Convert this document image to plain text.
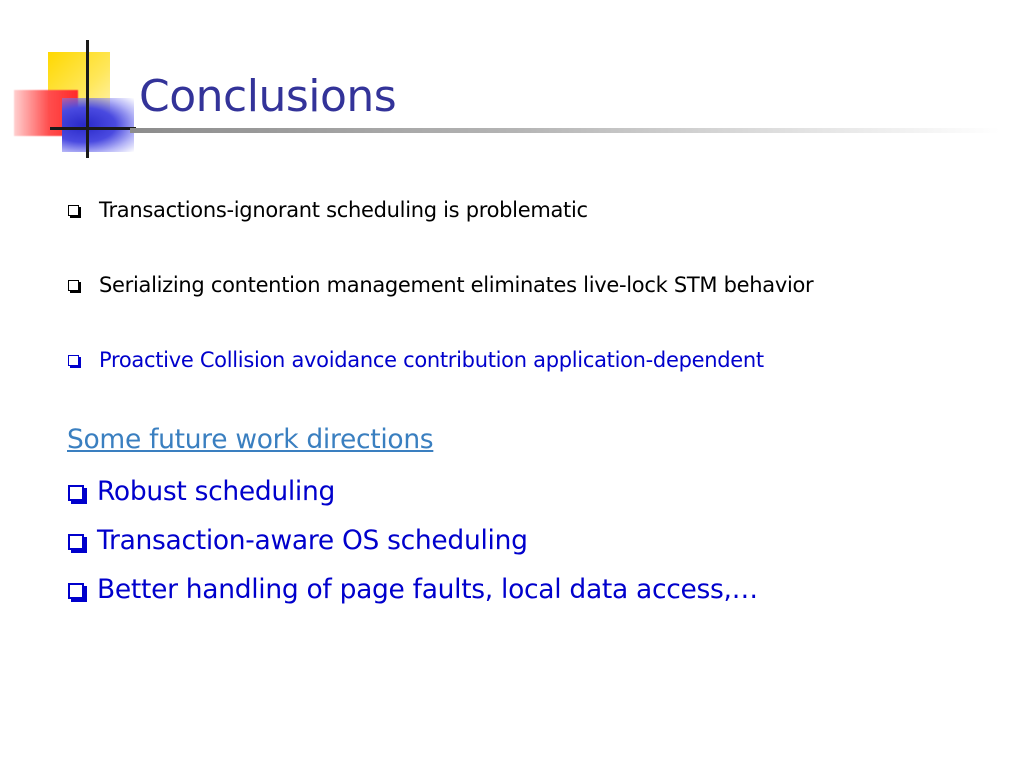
Conclusions
Transactions-ignorant scheduling is problematic
Serializing contention management eliminates live-lock STM behavior
Proactive Collision avoidance contribution application-dependent
Some future work directions
Robust scheduling
Transaction-aware OS scheduling
Better handling of page faults, local data access,…
